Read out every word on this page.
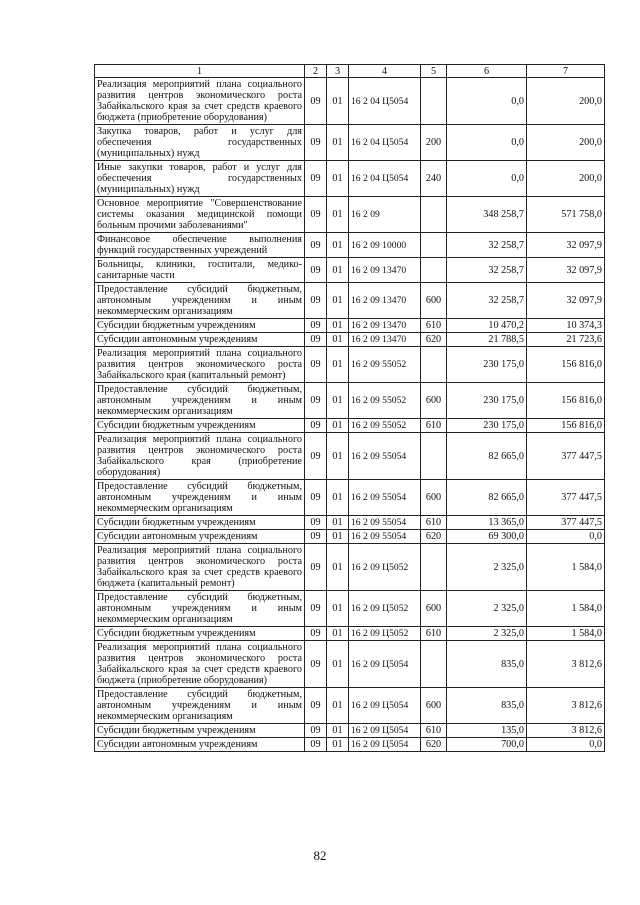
1	2	3	4	5	6	7
Реализация мероприятий плана социального развития центров экономического роста Забайкальского края за счет средств краевого бюджета (приобретение оборудования)	09	01	16 2 04 Ц5054		0,0	200,0
Закупка товаров, работ и услуг для обеспечения государственных (муниципальных) нужд	09	01	16 2 04 Ц5054	200	0,0	200,0
Иные закупки товаров, работ и услуг для обеспечения государственных (муниципальных) нужд	09	01	16 2 04 Ц5054	240	0,0	200,0
Основное мероприятие "Совершенствование системы оказания медицинской помощи больным прочими заболеваниями"	09	01	16 2 09		348 258,7	571 758,0
Финансовое обеспечение выполнения функций государственных учреждений	09	01	16 2 09 10000		32 258,7	32 097,9
Больницы, клиники, госпитали, медико-санитарные части	09	01	16 2 09 13470		32 258,7	32 097,9
Предоставление субсидий бюджетным, автономным учреждениям и иным некоммерческим организациям	09	01	16 2 09 13470	600	32 258,7	32 097,9
Субсидии бюджетным учреждениям	09	01	16 2 09 13470	610	10 470,2	10 374,3
Субсидии автономным учреждениям	09	01	16 2 09 13470	620	21 788,5	21 723,6
Реализация мероприятий плана социального развития центров экономического роста Забайкальского края (капитальный ремонт)	09	01	16 2 09 55052		230 175,0	156 816,0
Предоставление субсидий бюджетным, автономным учреждениям и иным некоммерческим организациям	09	01	16 2 09 55052	600	230 175,0	156 816,0
Субсидии бюджетным учреждениям	09	01	16 2 09 55052	610	230 175,0	156 816,0
Реализация мероприятий плана социального развития центров экономического роста Забайкальского края (приобретение оборудования)	09	01	16 2 09 55054		82 665,0	377 447,5
Предоставление субсидий бюджетным, автономным учреждениям и иным некоммерческим организациям	09	01	16 2 09 55054	600	82 665,0	377 447,5
Субсидии бюджетным учреждениям	09	01	16 2 09 55054	610	13 365,0	377 447,5
Субсидии автономным учреждениям	09	01	16 2 09 55054	620	69 300,0	0,0
Реализация мероприятий плана социального развития центров экономического роста Забайкальского края за счет средств краевого бюджета (капитальный ремонт)	09	01	16 2 09 Ц5052		2 325,0	1 584,0
Предоставление субсидий бюджетным, автономным учреждениям и иным некоммерческим организациям	09	01	16 2 09 Ц5052	600	2 325,0	1 584,0
Субсидии бюджетным учреждениям	09	01	16 2 09 Ц5052	610	2 325,0	1 584,0
Реализация мероприятий плана социального развития центров экономического роста Забайкальского края за счет средств краевого бюджета (приобретение оборудования)	09	01	16 2 09 Ц5054		835,0	3 812,6
Предоставление субсидий бюджетным, автономным учреждениям и иным некоммерческим организациям	09	01	16 2 09 Ц5054	600	835,0	3 812,6
Субсидии бюджетным учреждениям	09	01	16 2 09 Ц5054	610	135,0	3 812,6
Субсидии автономным учреждениям	09	01	16 2 09 Ц5054	620	700,0	0,0
82
